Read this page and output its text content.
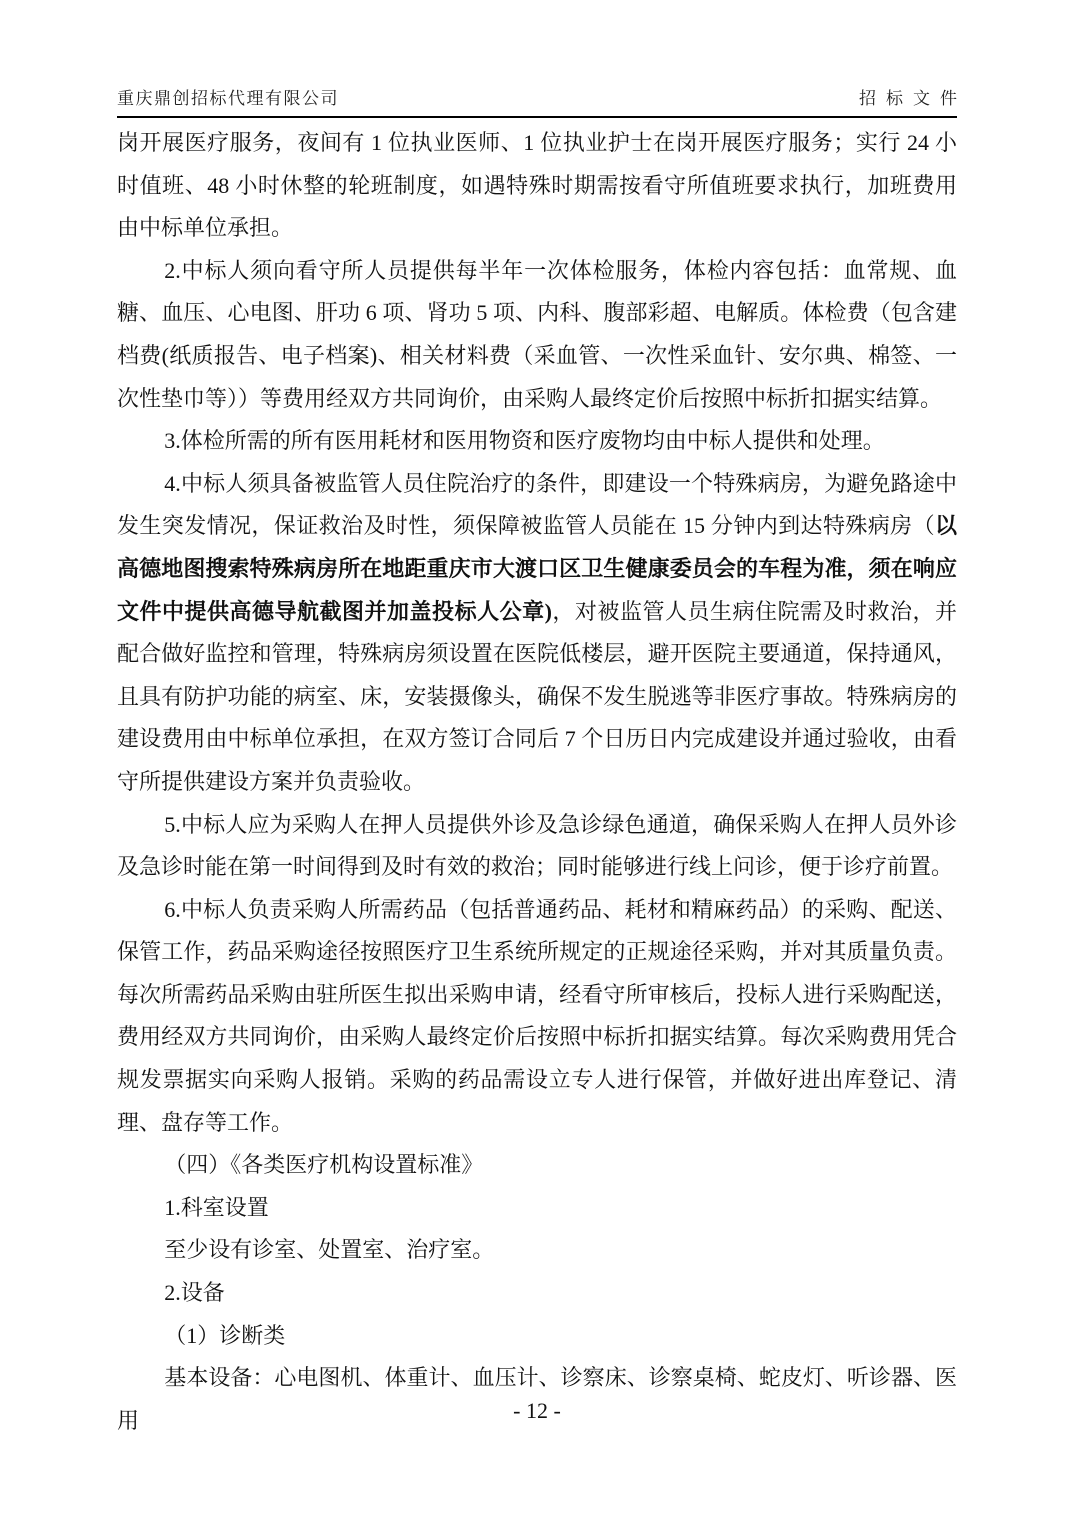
重庆鼎创招标代理有限公司	招标文件

岗开展医疗服务，夜间有 1 位执业医师、1 位执业护士在岗开展医疗服务；实行 24 小时值班、48 小时休整的轮班制度，如遇特殊时期需按看守所值班要求执行，加班费用由中标单位承担。

2.中标人须向看守所人员提供每半年一次体检服务，体检内容包括：血常规、血糖、血压、心电图、肝功 6 项、肾功 5 项、内科、腹部彩超、电解质。体检费（包含建档费(纸质报告、电子档案)、相关材料费（采血管、一次性采血针、安尔典、棉签、一次性垫巾等））等费用经双方共同询价，由采购人最终定价后按照中标折扣据实结算。

3.体检所需的所有医用耗材和医用物资和医疗废物均由中标人提供和处理。

4.中标人须具备被监管人员住院治疗的条件，即建设一个特殊病房，为避免路途中发生突发情况，保证救治及时性，须保障被监管人员能在 15 分钟内到达特殊病房（以高德地图搜索特殊病房所在地距重庆市大渡口区卫生健康委员会的车程为准，须在响应文件中提供高德导航截图并加盖投标人公章)，对被监管人员生病住院需及时救治，并配合做好监控和管理，特殊病房须设置在医院低楼层，避开医院主要通道，保持通风，且具有防护功能的病室、床，安装摄像头，确保不发生脱逃等非医疗事故。特殊病房的建设费用由中标单位承担，在双方签订合同后 7 个日历日内完成建设并通过验收，由看守所提供建设方案并负责验收。

5.中标人应为采购人在押人员提供外诊及急诊绿色通道，确保采购人在押人员外诊及急诊时能在第一时间得到及时有效的救治；同时能够进行线上问诊，便于诊疗前置。

6.中标人负责采购人所需药品（包括普通药品、耗材和精麻药品）的采购、配送、保管工作，药品采购途径按照医疗卫生系统所规定的正规途径采购，并对其质量负责。每次所需药品采购由驻所医生拟出采购申请，经看守所审核后，投标人进行采购配送，费用经双方共同询价，由采购人最终定价后按照中标折扣据实结算。每次采购费用凭合规发票据实向采购人报销。采购的药品需设立专人进行保管，并做好进出库登记、清理、盘存等工作。

（四）《各类医疗机构设置标准》

1.科室设置

至少设有诊室、处置室、治疗室。

2.设备

（1）诊断类

基本设备：心电图机、体重计、血压计、诊察床、诊察桌椅、蛇皮灯、听诊器、医用	- 12 -
